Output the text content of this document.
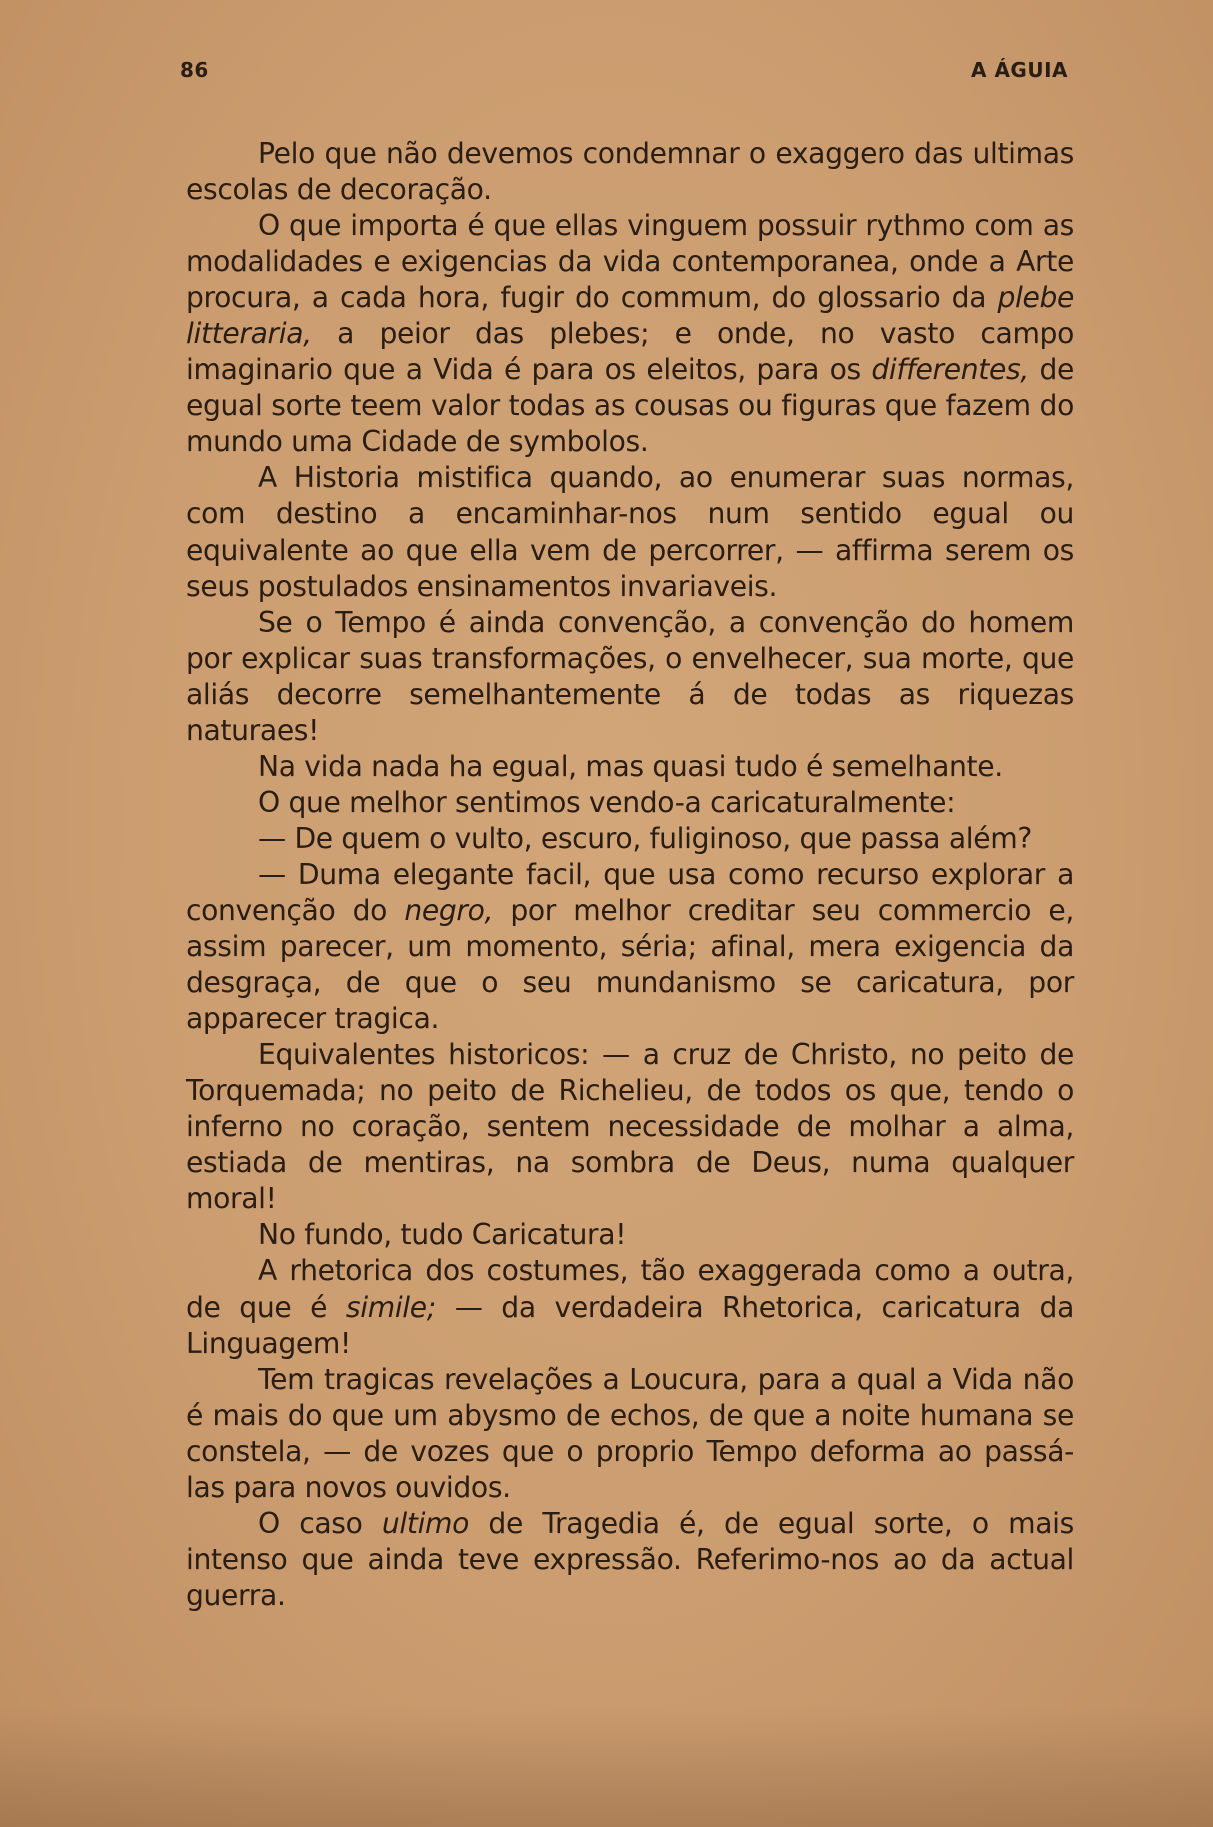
86	A ÁGUIA

Pelo que não devemos condemnar o exaggero das ultimas escolas de decoração.

O que importa é que ellas vinguem possuir rythmo com as modalidades e exigencias da vida contemporanea, onde a Arte procura, a cada hora, fugir do commum, do glossario da plebe litteraria, a peior das plebes; e onde, no vasto campo imaginario que a Vida é para os eleitos, para os differentes, de egual sorte teem valor todas as cousas ou figuras que fazem do mundo uma Cidade de symbolos.

A Historia mistifica quando, ao enumerar suas normas, com destino a encaminhar-nos num sentido egual ou equivalente ao que ella vem de percorrer, — affirma serem os seus postulados ensinamentos invariaveis.

Se o Tempo é ainda convenção, a convenção do homem por explicar suas transformações, o envelhecer, sua morte, que aliás decorre semelhantemente á de todas as riquezas naturaes!

Na vida nada ha egual, mas quasi tudo é semelhante.

O que melhor sentimos vendo-a caricaturalmente:

— De quem o vulto, escuro, fuliginoso, que passa além?

— Duma elegante facil, que usa como recurso explorar a convenção do negro, por melhor creditar seu commercio e, assim parecer, um momento, séria; afinal, mera exigencia da desgraça, de que o seu mundanismo se caricatura, por apparecer tragica.

Equivalentes historicos: — a cruz de Christo, no peito de Torquemada; no peito de Richelieu, de todos os que, tendo o inferno no coração, sentem necessidade de molhar a alma, estiada de mentiras, na sombra de Deus, numa qualquer moral!

No fundo, tudo Caricatura!

A rhetorica dos costumes, tão exaggerada como a outra, de que é simile; — da verdadeira Rhetorica, caricatura da Linguagem!

Tem tragicas revelações a Loucura, para a qual a Vida não é mais do que um abysmo de echos, de que a noite humana se constela, — de vozes que o proprio Tempo deforma ao passá-las para novos ouvidos.

O caso ultimo de Tragedia é, de egual sorte, o mais intenso que ainda teve expressão. Referimo-nos ao da actual guerra.
